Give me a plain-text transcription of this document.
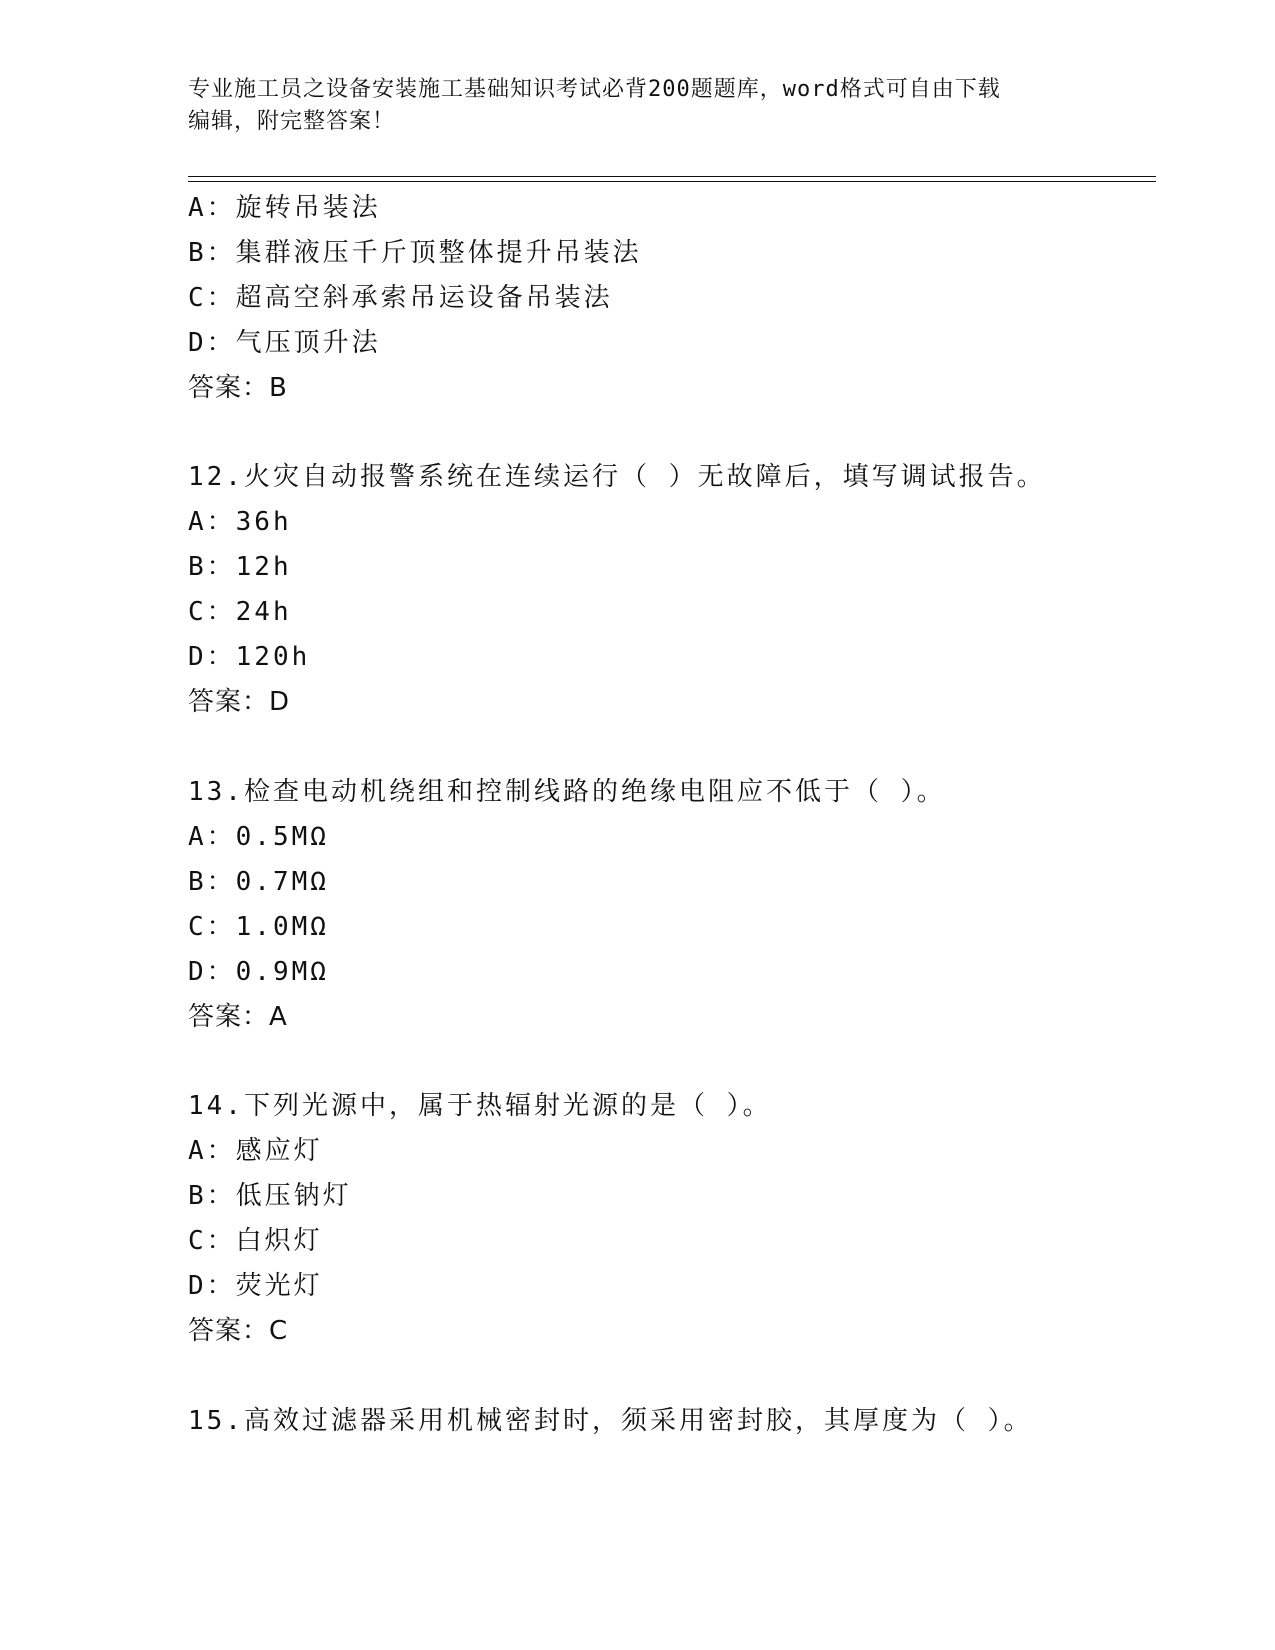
专业施工员之设备安装施工基础知识考试必背200题题库，word格式可自由下载
编辑，附完整答案！
A：旋转吊装法
B：集群液压千斤顶整体提升吊装法
C：超高空斜承索吊运设备吊装法
D：气压顶升法
答案：B
12.火灾自动报警系统在连续运行（ ）无故障后，填写调试报告。
A：36h
B：12h
C：24h
D：120h
答案：D
13.检查电动机绕组和控制线路的绝缘电阻应不低于（ ）。
A：0.5MΩ
B：0.7MΩ
C：1.0MΩ
D：0.9MΩ
答案：A
14.下列光源中，属于热辐射光源的是（ ）。
A：感应灯
B：低压钠灯
C：白炽灯
D：荧光灯
答案：C
15.高效过滤器采用机械密封时，须采用密封胶，其厚度为（ ）。
